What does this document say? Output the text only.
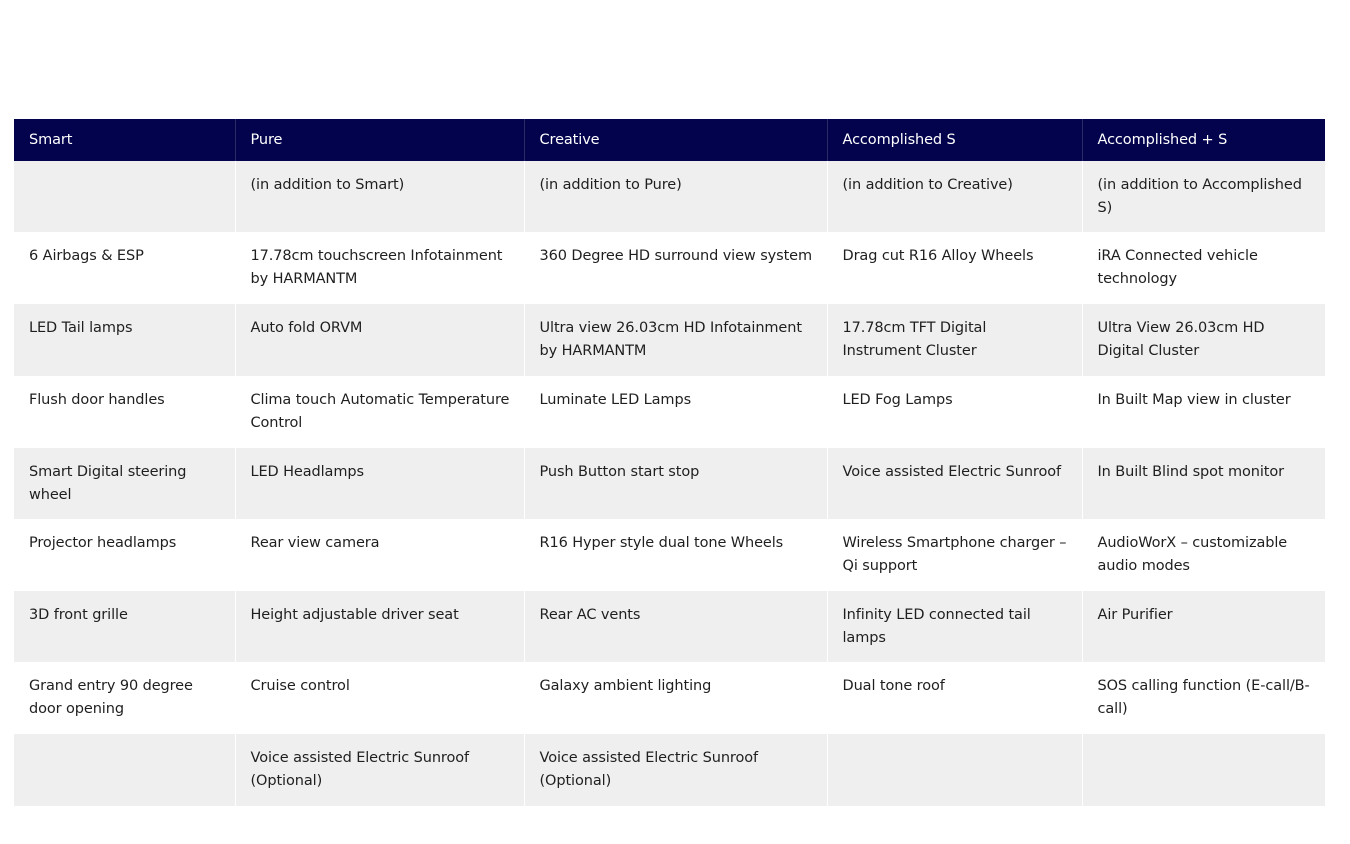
Smart	Pure	Creative	Accomplished S	Accomplished + S
	(in addition to Smart)	(in addition to Pure)	(in addition to Creative)	(in addition to Accomplished S)
6 Airbags & ESP	17.78cm touchscreen Infotainment by HARMANTM	360 Degree HD surround view system	Drag cut R16 Alloy Wheels	iRA Connected vehicle technology
LED Tail lamps	Auto fold ORVM	Ultra view 26.03cm HD Infotainment by HARMANTM	17.78cm TFT Digital Instrument Cluster	Ultra View 26.03cm HD Digital Cluster
Flush door handles	Clima touch Automatic Temperature Control	Luminate LED Lamps	LED Fog Lamps	In Built Map view in cluster
Smart Digital steering wheel	LED Headlamps	Push Button start stop	Voice assisted Electric Sunroof	In Built Blind spot monitor
Projector headlamps	Rear view camera	R16 Hyper style dual tone Wheels	Wireless Smartphone charger – Qi support	AudioWorX – customizable audio modes
3D front grille	Height adjustable driver seat	Rear AC vents	Infinity LED connected tail lamps	Air Purifier
Grand entry 90 degree door opening	Cruise control	Galaxy ambient lighting	Dual tone roof	SOS calling function (E-call/B-call)
	Voice assisted Electric Sunroof (Optional)	Voice assisted Electric Sunroof (Optional)		
